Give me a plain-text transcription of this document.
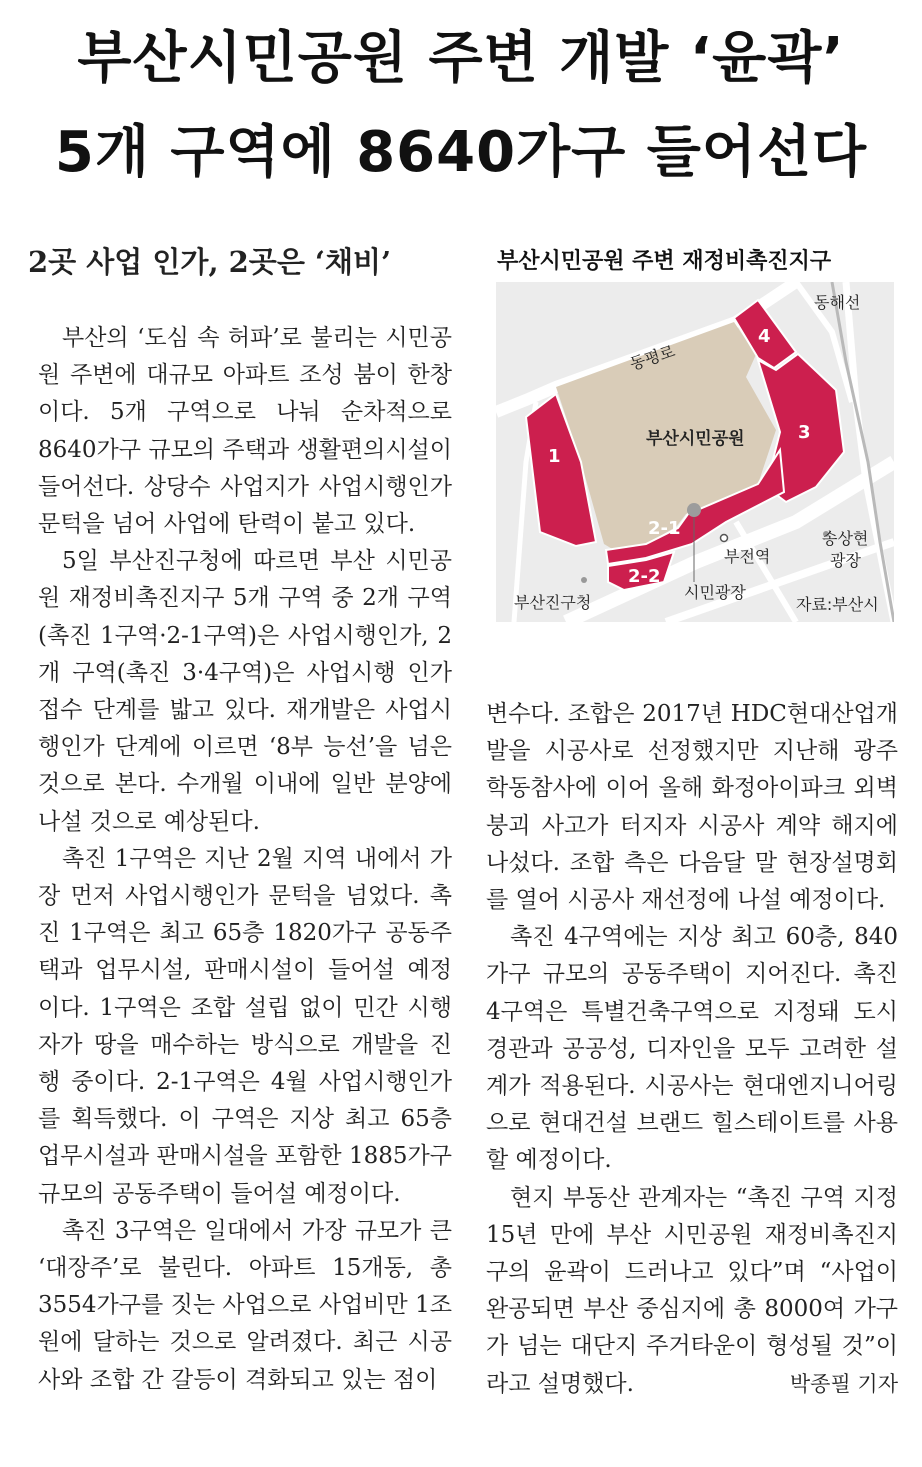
부산시민공원 주변 개발 ‘윤곽’
5개 구역에 8640가구 들어선다
2곳 사업 인가, 2곳은 ‘채비’

부산의 ‘도심 속 허파’로 불리는 시민공원 주변에 대규모 아파트 조성 붐이 한창이다. 5개 구역으로 나눠 순차적으로 8640가구 규모의 주택과 생활편의시설이 들어선다. 상당수 사업지가 사업시행인가 문턱을 넘어 사업에 탄력이 붙고 있다.

5일 부산진구청에 따르면 부산 시민공원 재정비촉진지구 5개 구역 중 2개 구역(촉진 1구역·2-1구역)은 사업시행인가, 2개 구역(촉진 3·4구역)은 사업시행 인가 접수 단계를 밟고 있다. 재개발은 사업시행인가 단계에 이르면 ‘8부 능선’을 넘은것으로 본다. 수개월 이내에 일반 분양에 나설 것으로 예상된다.

촉진 1구역은 지난 2월 지역 내에서 가장 먼저 사업시행인가 문턱을 넘었다. 촉진 1구역은 최고 65층 1820가구 공동주택과 업무시설, 판매시설이 들어설 예정이다. 1구역은 조합 설립 없이 민간 시행자가 땅을 매수하는 방식으로 개발을 진행 중이다. 2-1구역은 4월 사업시행인가를 획득했다. 이 구역은 지상 최고 65층 업무시설과 판매시설을 포함한 1885가구 규모의 공동주택이 들어설 예정이다.

촉진 3구역은 일대에서 가장 규모가 큰 ‘대장주’로 불린다. 아파트 15개동, 총 3554가구를 짓는 사업으로 사업비만 1조원에 달하는 것으로 알려졌다. 최근 시공사와 조합 간 갈등이 격화되고 있는 점이

부산시민공원 주변 재정비촉진지구
부산시민공원
동해선
동평로
부전역
송상현
광장
부산진구청
시민광장
자료:부산시
1
2-1
2-2
3
4

변수다. 조합은 2017년 HDC현대산업개발을 시공사로 선정했지만 지난해 광주 학동참사에 이어 올해 화정아이파크 외벽 붕괴 사고가 터지자 시공사 계약 해지에 나섰다. 조합 측은 다음달 말 현장설명회를 열어 시공사 재선정에 나설 예정이다.

촉진 4구역에는 지상 최고 60층, 840가구 규모의 공동주택이 지어진다. 촉진 4구역은 특별건축구역으로 지정돼 도시 경관과 공공성, 디자인을 모두 고려한 설계가 적용된다. 시공사는 현대엔지니어링으로 현대건설 브랜드 힐스테이트를 사용할 예정이다.

현지 부동산 관계자는 “촉진 구역 지정 15년 만에 부산 시민공원 재정비촉진지구의 윤곽이 드러나고 있다”며 “사업이 완공되면 부산 중심지에 총 8000여 가구가 넘는 대단지 주거타운이 형성될 것”이라고 설명했다.	박종필 기자
